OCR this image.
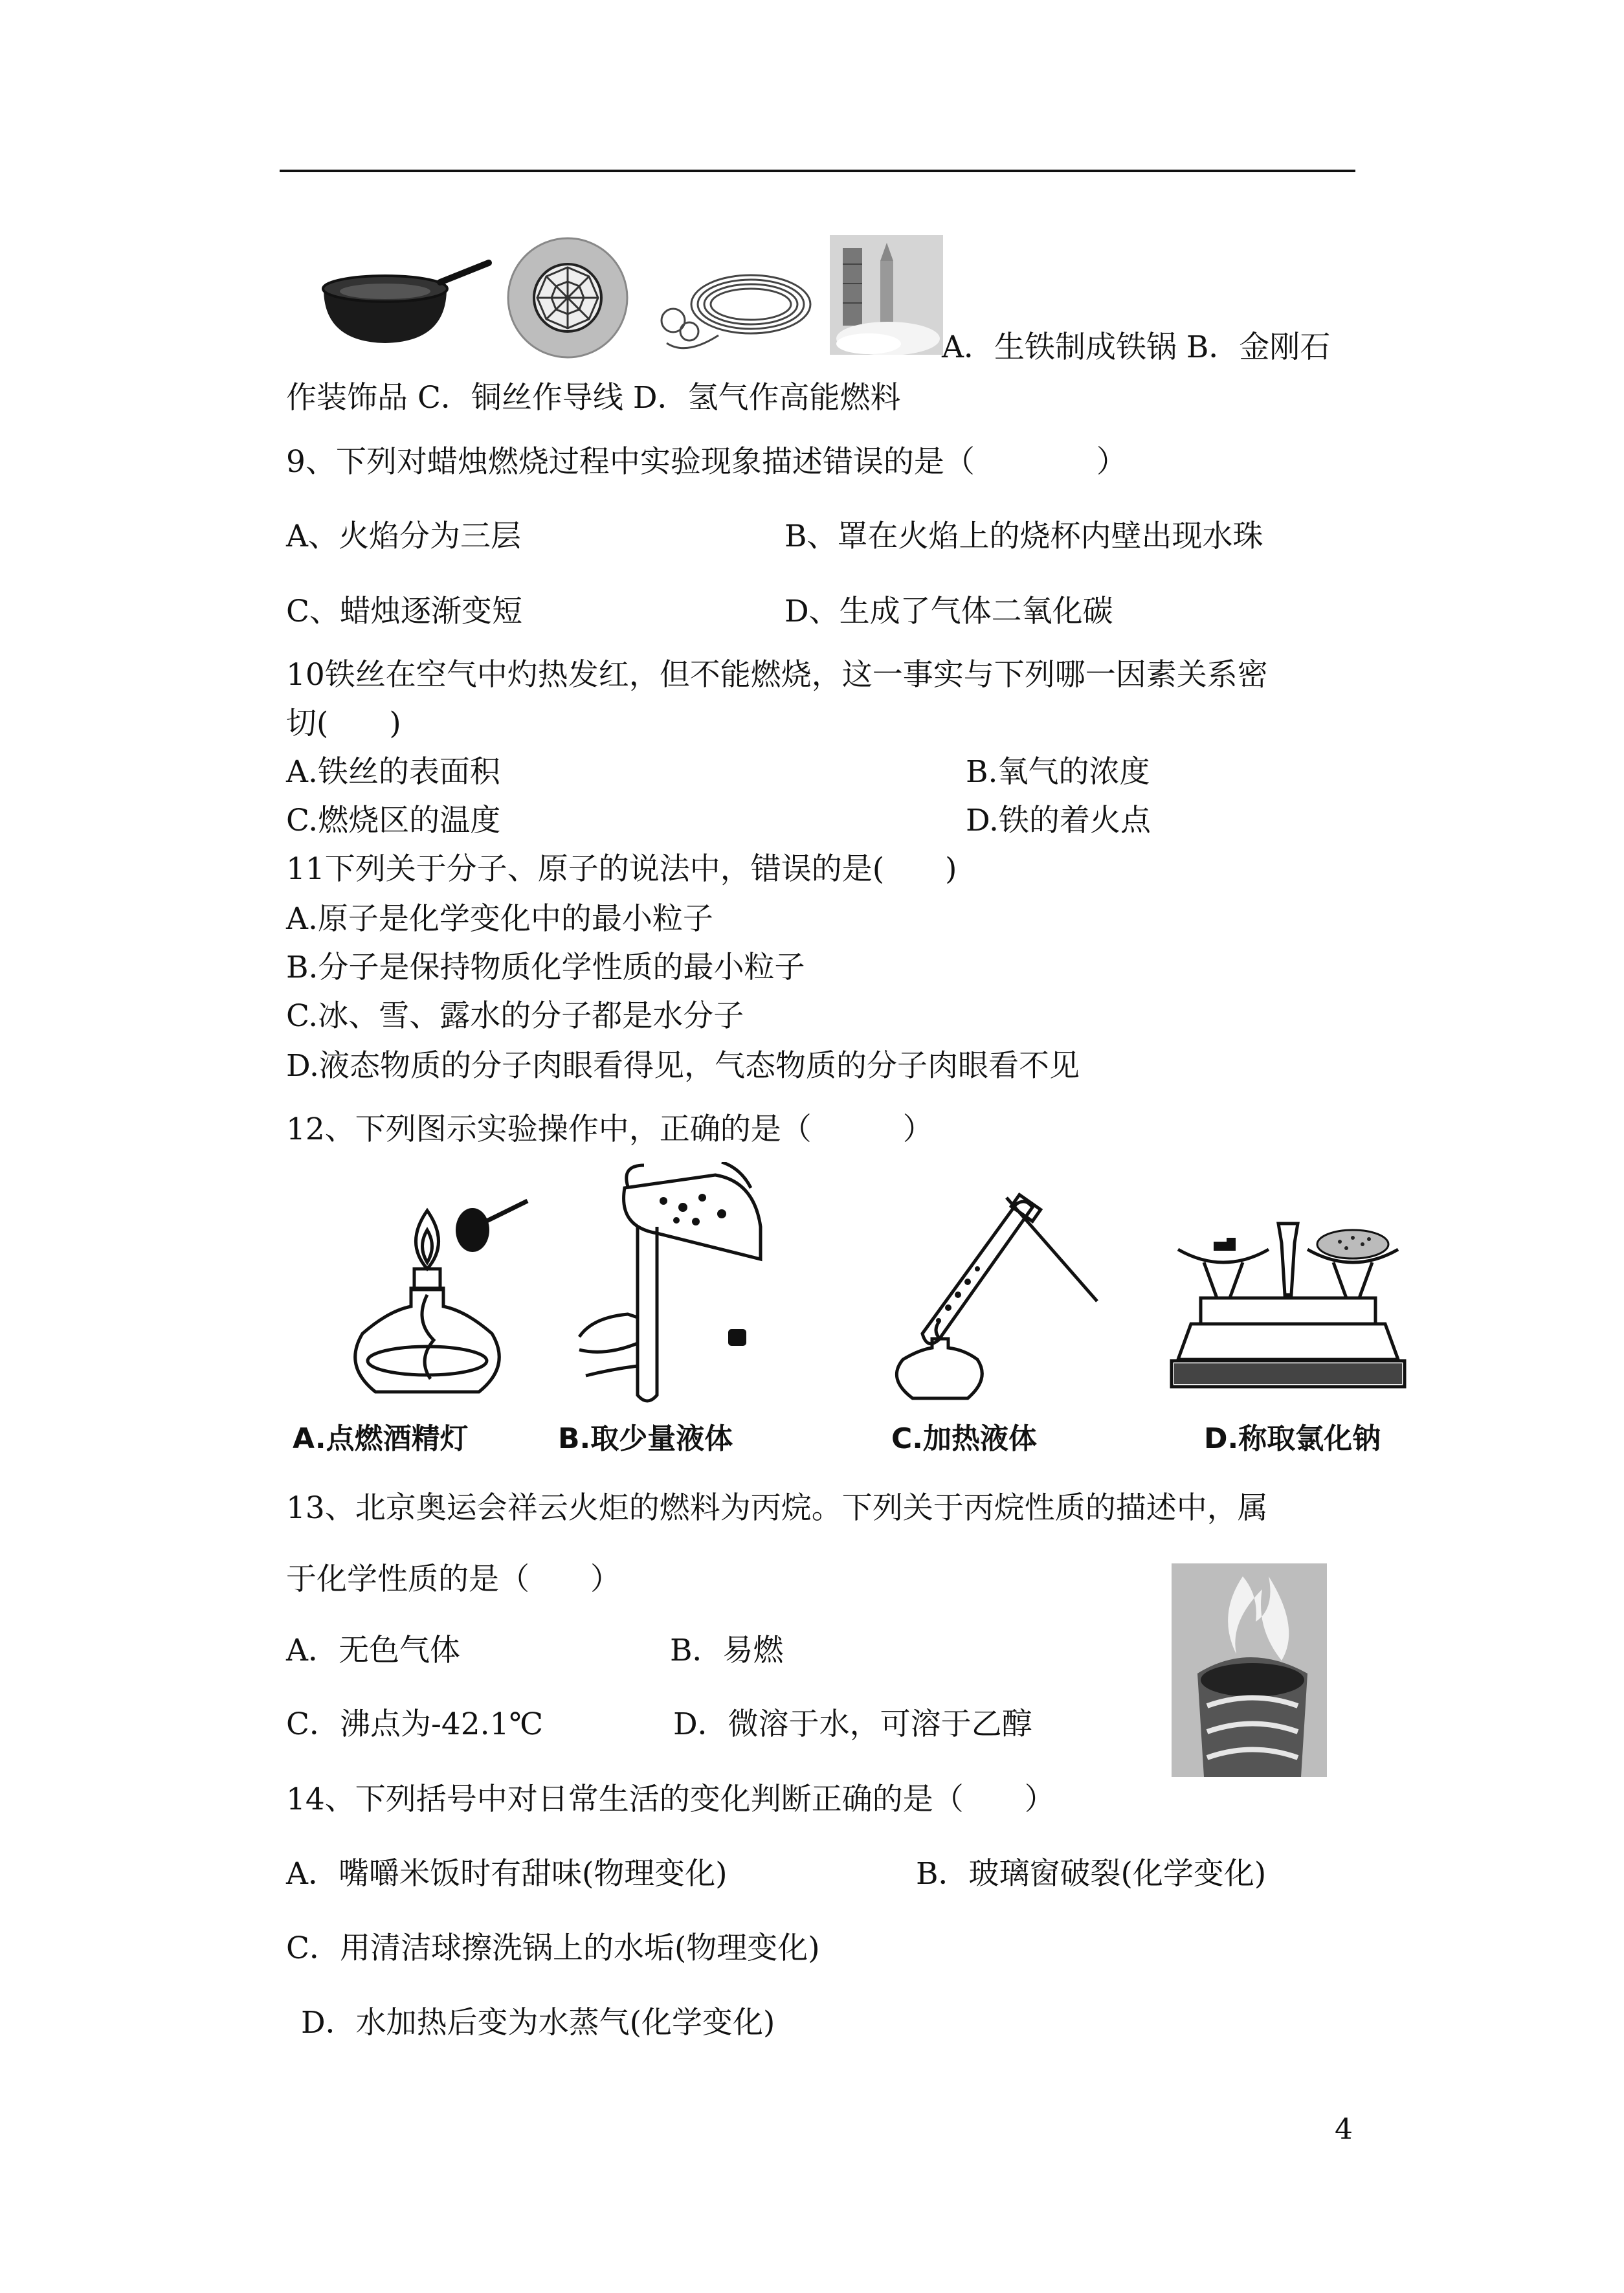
A．生铁制成铁锅 B．金刚石
作装饰品 C．铜丝作导线 D．氢气作高能燃料
9、下列对蜡烛燃烧过程中实验现象描述错误的是（　　　　）
A、火焰分为三层	B、罩在火焰上的烧杯内壁出现水珠
C、蜡烛逐渐变短	D、生成了气体二氧化碳
10铁丝在空气中灼热发红，但不能燃烧，这一事实与下列哪一因素关系密
切(　　)
A.铁丝的表面积	B.氧气的浓度
C.燃烧区的温度	D.铁的着火点
11下列关于分子、原子的说法中，错误的是(　　)
A.原子是化学变化中的最小粒子
B.分子是保持物质化学性质的最小粒子
C.冰、雪、露水的分子都是水分子
D.液态物质的分子肉眼看得见，气态物质的分子肉眼看不见
12、下列图示实验操作中，正确的是（　　　）
A.点燃酒精灯	B.取少量液体	C.加热液体	D.称取氯化钠
13、北京奥运会祥云火炬的燃料为丙烷。下列关于丙烷性质的描述中，属
于化学性质的是（　　）
A．无色气体	B．易燃
C．沸点为-42.1℃	D．微溶于水，可溶于乙醇
14、下列括号中对日常生活的变化判断正确的是（　　）
A．嘴嚼米饭时有甜味(物理变化)	B．玻璃窗破裂(化学变化)
C．用清洁球擦洗锅上的水垢(物理变化)
D．水加热后变为水蒸气(化学变化)
4
